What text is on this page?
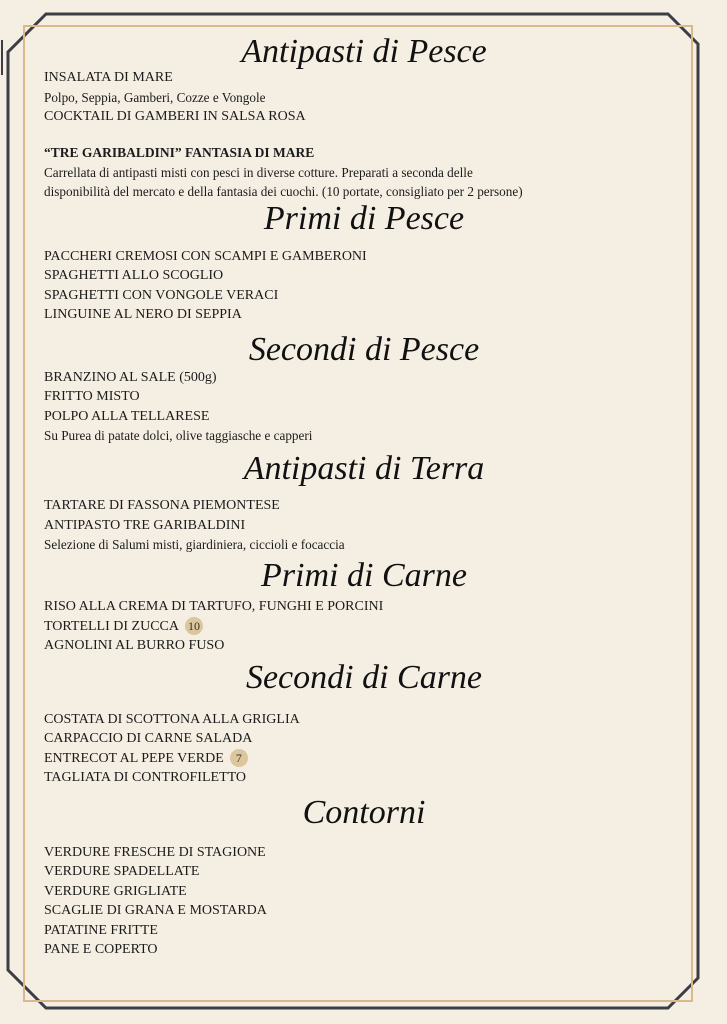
Antipasti di Pesce
INSALATA DI MARE
Polpo, Seppia, Gamberi, Cozze e Vongole
COCKTAIL DI GAMBERI IN SALSA ROSA
“TRE GARIBALDINI” FANTASIA DI MARE
Carrellata di antipasti misti con pesci in diverse cotture. Preparati a seconda delle
disponibilità del mercato e della fantasia dei cuochi. (10 portate, consigliato per 2 persone)
Primi di Pesce
PACCHERI CREMOSI CON SCAMPI E GAMBERONI
SPAGHETTI ALLO SCOGLIO
SPAGHETTI CON VONGOLE VERACI
LINGUINE AL NERO DI SEPPIA
Secondi di Pesce
BRANZINO AL SALE (500g)
FRITTO MISTO
POLPO ALLA TELLARESE
Su Purea di patate dolci, olive taggiasche e capperi
Antipasti di Terra
TARTARE DI FASSONA PIEMONTESE
ANTIPASTO TRE GARIBALDINI
Selezione di Salumi misti, giardiniera, ciccioli e focaccia
Primi di Carne
RISO ALLA CREMA DI TARTUFO, FUNGHI E PORCINI
TORTELLI DI ZUCCA 10
AGNOLINI AL BURRO FUSO
Secondi di Carne
COSTATA DI SCOTTONA ALLA GRIGLIA
CARPACCIO DI CARNE SALADA
ENTRECOT AL PEPE VERDE 7
TAGLIATA DI CONTROFILETTO
Contorni
VERDURE FRESCHE DI STAGIONE
VERDURE SPADELLATE
VERDURE GRIGLIATE
SCAGLIE DI GRANA E MOSTARDA
PATATINE FRITTE
PANE E COPERTO
